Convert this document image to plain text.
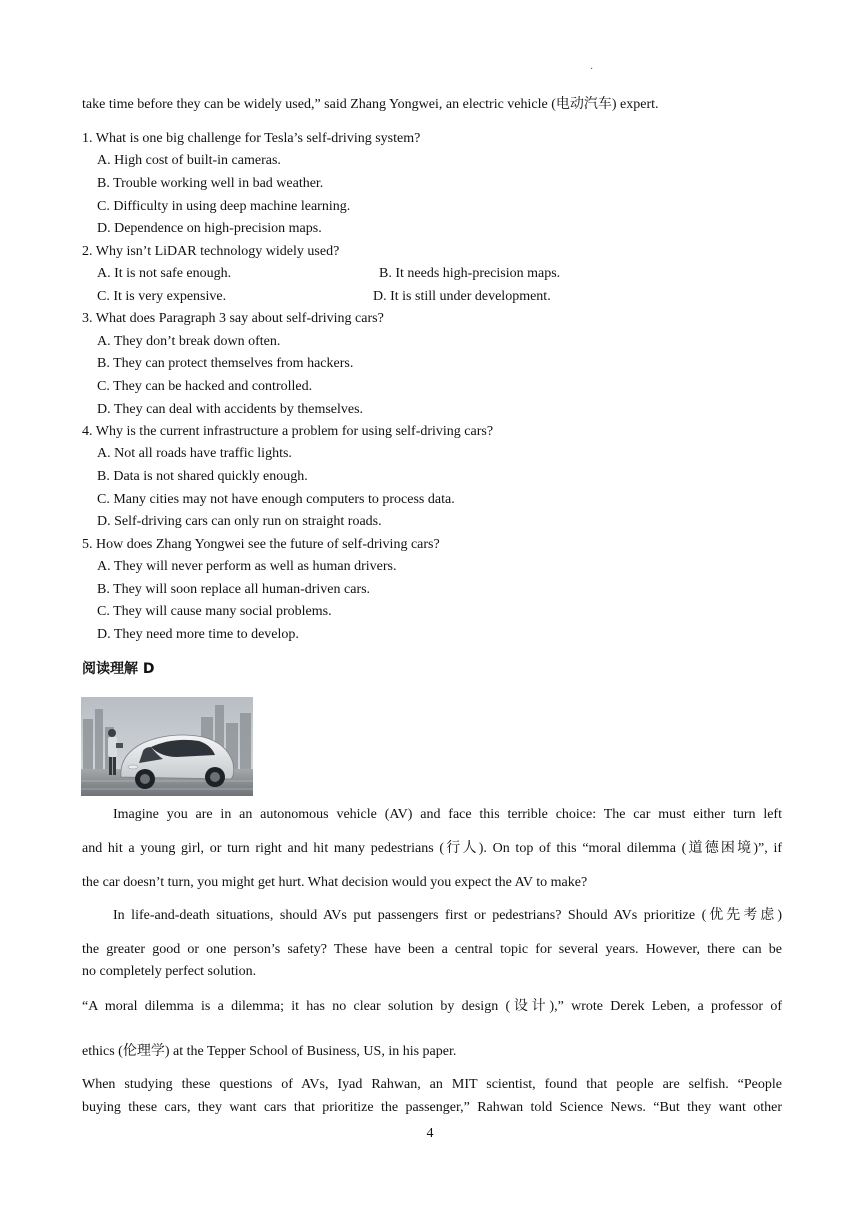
·
take time before they can be widely used,” said Zhang Yongwei, an electric vehicle (电动汽车) expert.
1. What is one big challenge for Tesla’s self-driving system?
A. High cost of built-in cameras.
B. Trouble working well in bad weather.
C. Difficulty in using deep machine learning.
D. Dependence on high-precision maps.
2. Why isn’t LiDAR technology widely used?
A. It is not safe enough.	B. It needs high-precision maps.
C. It is very expensive.	D. It is still under development.
3. What does Paragraph 3 say about self-driving cars?
A. They don’t break down often.
B. They can protect themselves from hackers.
C. They can be hacked and controlled.
D. They can deal with accidents by themselves.
4. Why is the current infrastructure a problem for using self-driving cars?
A. Not all roads have traffic lights.
B. Data is not shared quickly enough.
C. Many cities may not have enough computers to process data.
D. Self-driving cars can only run on straight roads.
5. How does Zhang Yongwei see the future of self-driving cars?
A. They will never perform as well as human drivers.
B. They will soon replace all human-driven cars.
C. They will cause many social problems.
D. They need more time to develop.
阅读理解 D
Imagine you are in an autonomous vehicle (AV) and face this terrible choice: The car must either turn left
and hit a young girl, or turn right and hit many pedestrians (行人). On top of this “moral dilemma (道德困境)”, if
the car doesn’t turn, you might get hurt. What decision would you expect the AV to make?
In life-and-death situations, should AVs put passengers first or pedestrians? Should AVs prioritize (优先考虑)
the greater good or one person’s safety? These have been a central topic for several years. However, there can be
no completely perfect solution.
“A moral dilemma is a dilemma; it has no clear solution by design (设计),” wrote Derek Leben, a professor of
ethics (伦理学) at the Tepper School of Business, US, in his paper.
When studying these questions of AVs, Iyad Rahwan, an MIT scientist, found that people are selfish. “People
buying these cars, they want cars that prioritize the passenger,” Rahwan told Science News. “But they want other
4
